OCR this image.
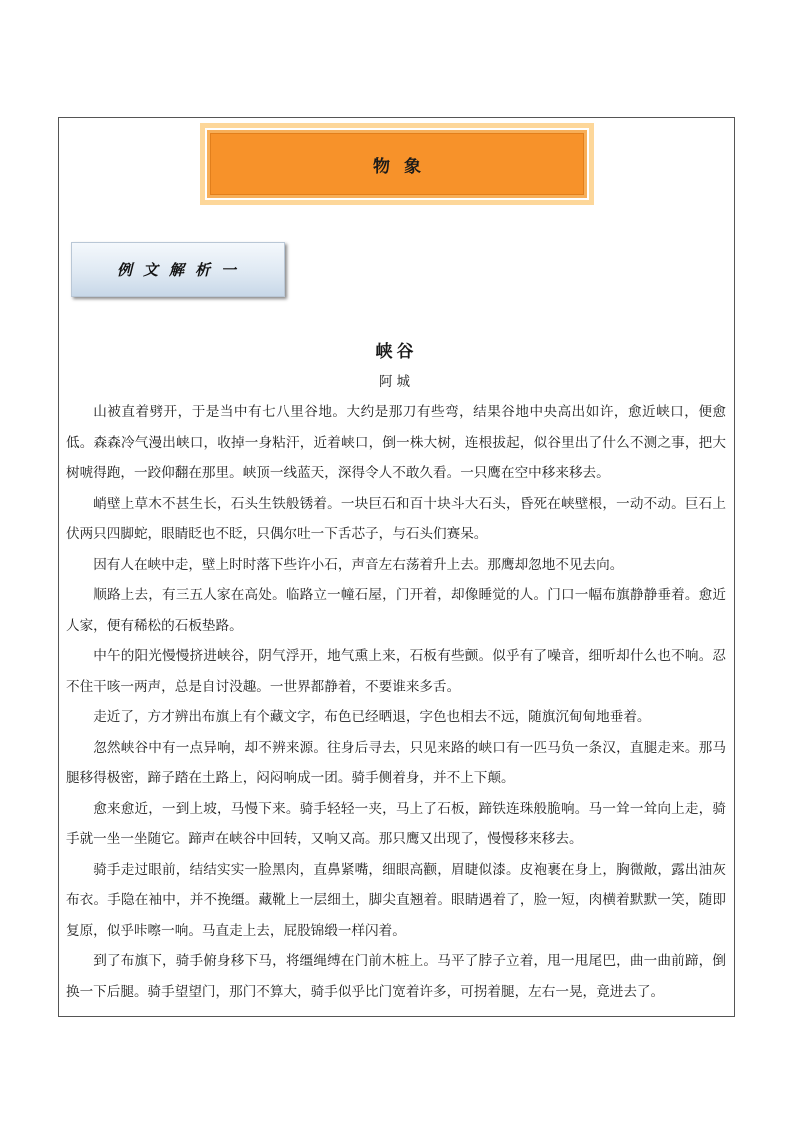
物象
例文解析一
峡谷
阿城

山被直着劈开，于是当中有七八里谷地。大约是那刀有些弯，结果谷地中央高出如许，愈近峡口，便愈低。森森冷气漫出峡口，收掉一身粘汗，近着峡口，倒一株大树，连根拔起，似谷里出了什么不测之事，把大树唬得跑，一跤仰翻在那里。峡顶一线蓝天，深得令人不敢久看。一只鹰在空中移来移去。

峭壁上草木不甚生长，石头生铁般锈着。一块巨石和百十块斗大石头，昏死在峡壁根，一动不动。巨石上伏两只四脚蛇，眼睛眨也不眨，只偶尔吐一下舌芯子，与石头们赛呆。

因有人在峡中走，壁上时时落下些许小石，声音左右荡着升上去。那鹰却忽地不见去向。

顺路上去，有三五人家在高处。临路立一幢石屋，门开着，却像睡觉的人。门口一幅布旗静静垂着。愈近人家，便有稀松的石板垫路。

中午的阳光慢慢挤进峡谷，阴气浮开，地气熏上来，石板有些颤。似乎有了噪音，细听却什么也不响。忍不住干咳一两声，总是自讨没趣。一世界都静着，不要谁来多舌。

走近了，方才辨出布旗上有个藏文字，布色已经晒退，字色也相去不远，随旗沉甸甸地垂着。

忽然峡谷中有一点异响，却不辨来源。往身后寻去，只见来路的峡口有一匹马负一条汉，直腿走来。那马腿移得极密，蹄子踏在土路上，闷闷响成一团。骑手侧着身，并不上下颠。

愈来愈近，一到上坡，马慢下来。骑手轻轻一夹，马上了石板，蹄铁连珠般脆响。马一耸一耸向上走，骑手就一坐一坐随它。蹄声在峡谷中回转，又响又高。那只鹰又出现了，慢慢移来移去。

骑手走过眼前，结结实实一脸黑肉，直鼻紧嘴，细眼高颧，眉睫似漆。皮袍裹在身上，胸微敞，露出油灰布衣。手隐在袖中，并不挽缰。藏靴上一层细土，脚尖直翘着。眼睛遇着了，脸一短，肉横着默默一笑，随即复原，似乎咔嚓一响。马直走上去，屁股锦缎一样闪着。

到了布旗下，骑手俯身移下马，将缰绳缚在门前木桩上。马平了脖子立着，甩一甩尾巴，曲一曲前蹄，倒换一下后腿。骑手望望门，那门不算大，骑手似乎比门宽着许多，可拐着腿，左右一晃，竟进去了。
